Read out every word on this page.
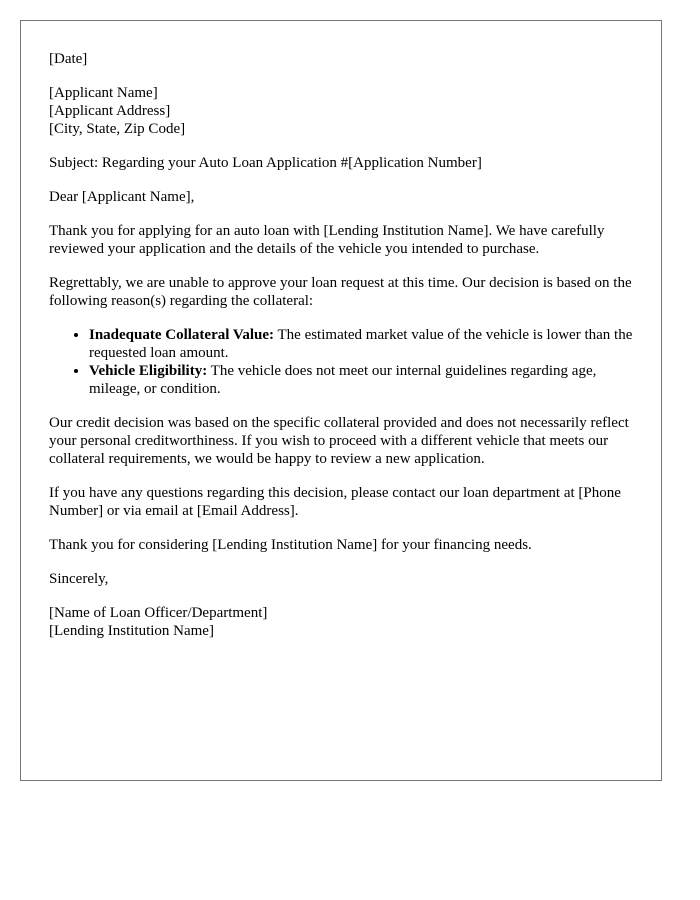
[Date]

[Applicant Name]

[Applicant Address]

[City, State, Zip Code]

Subject: Regarding your Auto Loan Application #[Application Number]

Dear [Applicant Name],

Thank you for applying for an auto loan with [Lending Institution Name]. We have carefully reviewed your application and the details of the vehicle you intended to purchase.

Regrettably, we are unable to approve your loan request at this time. Our decision is based on the following reason(s) regarding the collateral:

• Inadequate Collateral Value: The estimated market value of the vehicle is lower than the requested loan amount.
• Vehicle Eligibility: The vehicle does not meet our internal guidelines regarding age, mileage, or condition.

Our credit decision was based on the specific collateral provided and does not necessarily reflect your personal creditworthiness. If you wish to proceed with a different vehicle that meets our collateral requirements, we would be happy to review a new application.

If you have any questions regarding this decision, please contact our loan department at [Phone Number] or via email at [Email Address].

Thank you for considering [Lending Institution Name] for your financing needs.

Sincerely,

[Name of Loan Officer/Department]

[Lending Institution Name]
